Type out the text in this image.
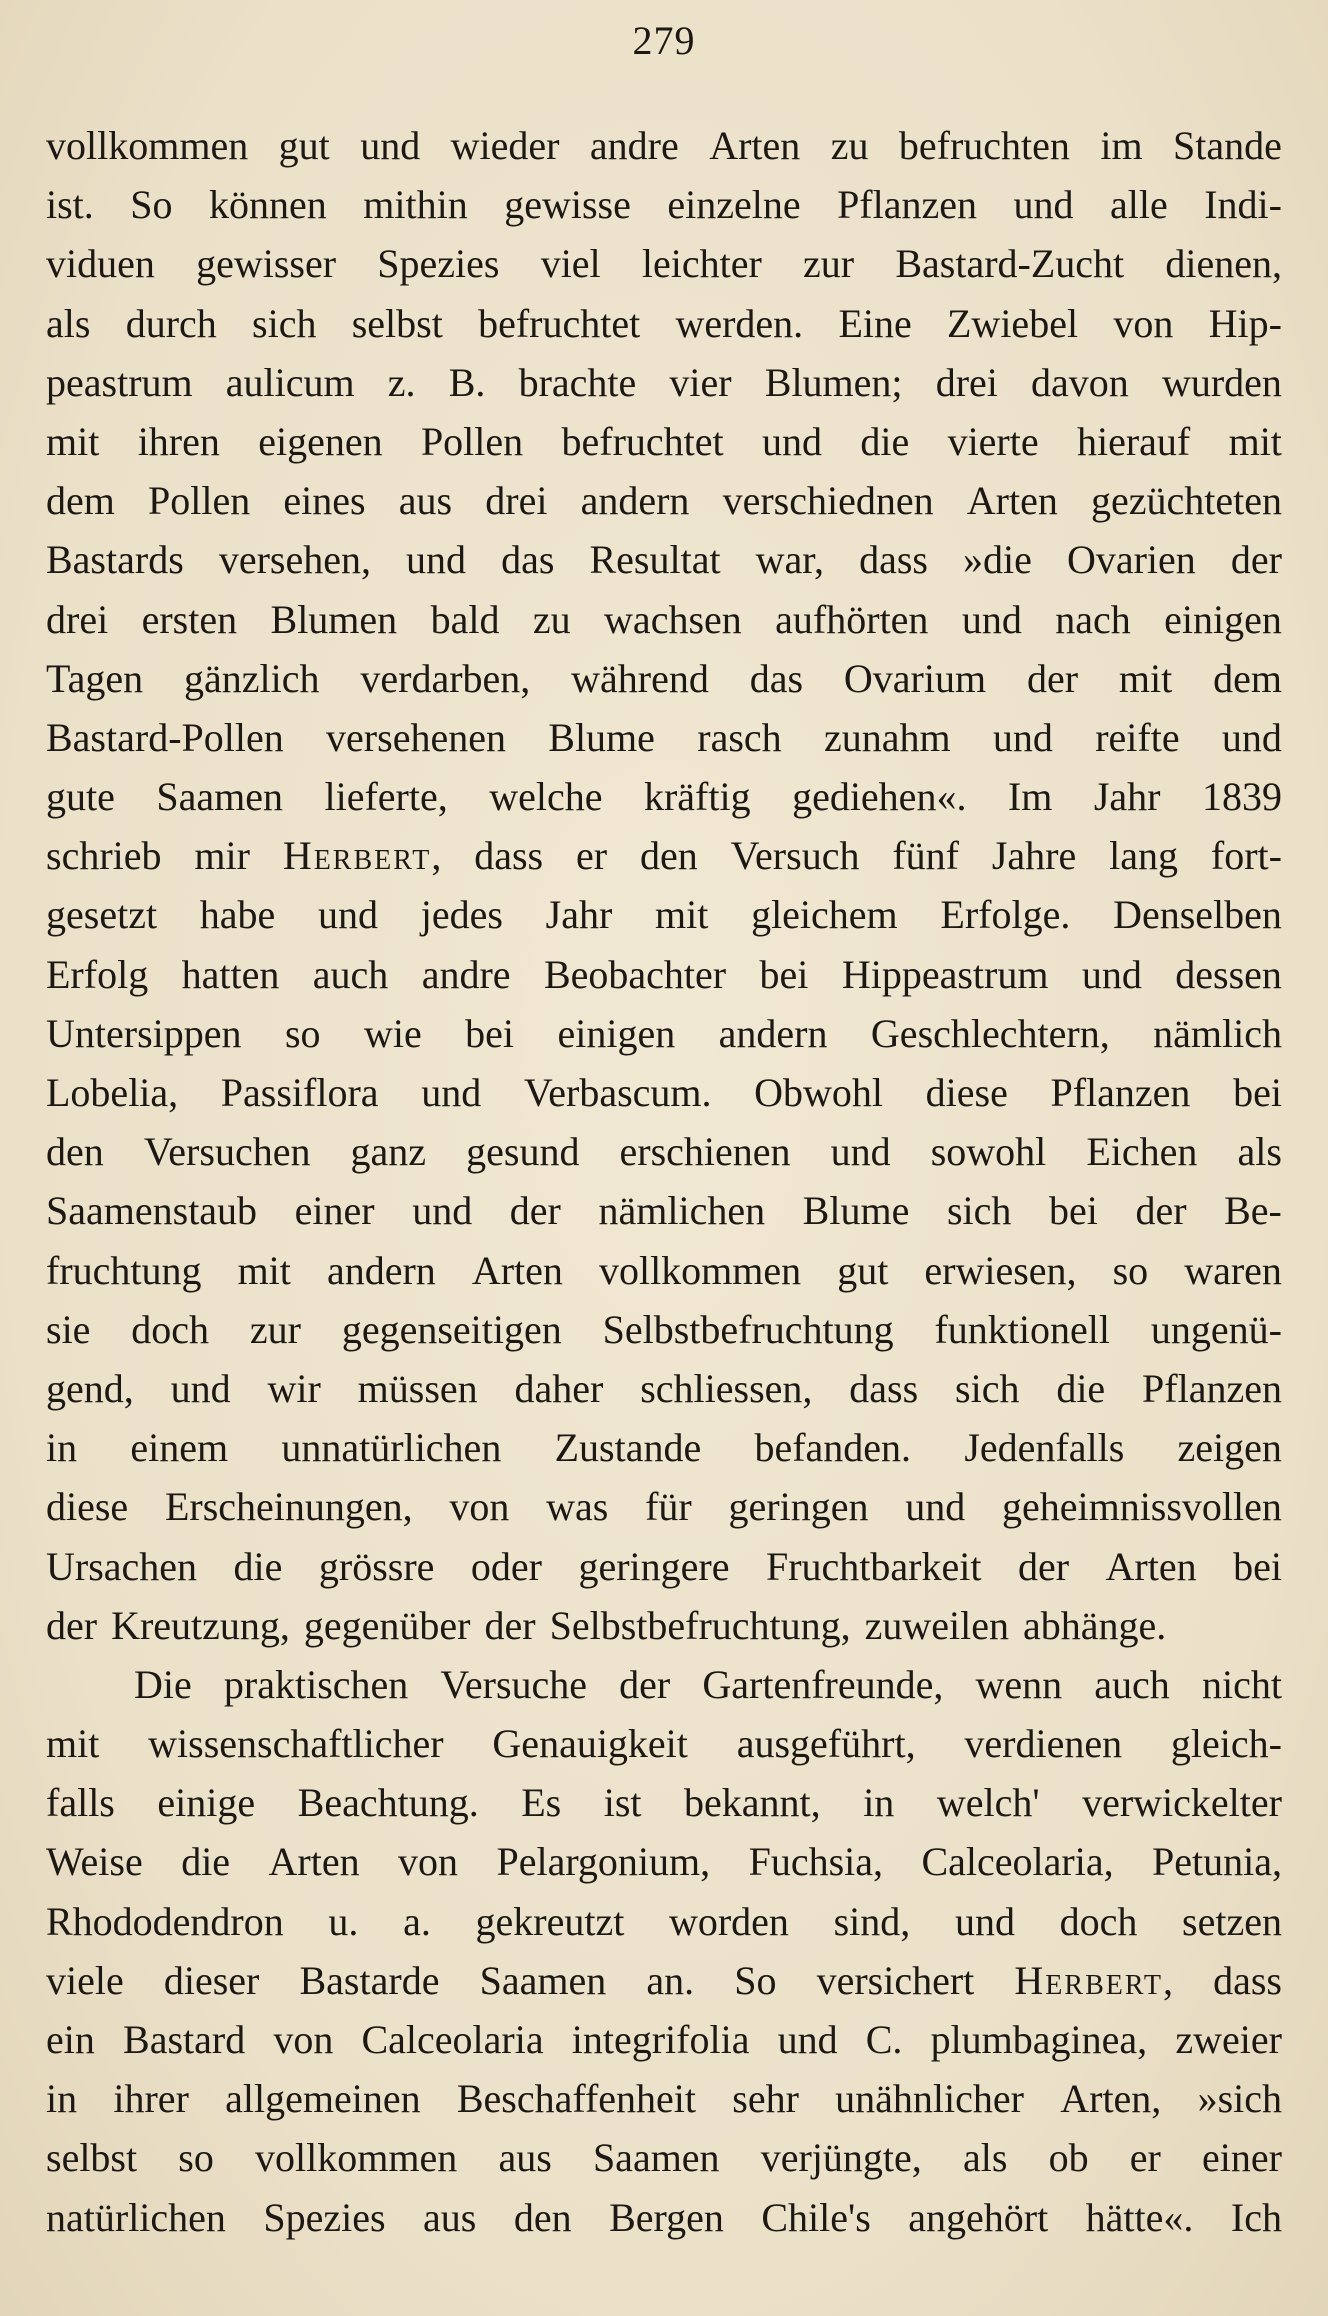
279
vollkommen gut und wieder andre Arten zu befruchten im Stande
ist. So können mithin gewisse einzelne Pflanzen und alle Indi-
viduen gewisser Spezies viel leichter zur Bastard-Zucht dienen,
als durch sich selbst befruchtet werden. Eine Zwiebel von Hip-
peastrum aulicum z. B. brachte vier Blumen; drei davon wurden
mit ihren eigenen Pollen befruchtet und die vierte hierauf mit
dem Pollen eines aus drei andern verschiednen Arten gezüchteten
Bastards versehen, und das Resultat war, dass »die Ovarien der
drei ersten Blumen bald zu wachsen aufhörten und nach einigen
Tagen gänzlich verdarben, während das Ovarium der mit dem
Bastard-Pollen versehenen Blume rasch zunahm und reifte und
gute Saamen lieferte, welche kräftig gediehen«. Im Jahr 1839
schrieb mir Herbert, dass er den Versuch fünf Jahre lang fort-
gesetzt habe und jedes Jahr mit gleichem Erfolge. Denselben
Erfolg hatten auch andre Beobachter bei Hippeastrum und dessen
Untersippen so wie bei einigen andern Geschlechtern, nämlich
Lobelia, Passiflora und Verbascum. Obwohl diese Pflanzen bei
den Versuchen ganz gesund erschienen und sowohl Eichen als
Saamenstaub einer und der nämlichen Blume sich bei der Be-
fruchtung mit andern Arten vollkommen gut erwiesen, so waren
sie doch zur gegenseitigen Selbstbefruchtung funktionell ungenü-
gend, und wir müssen daher schliessen, dass sich die Pflanzen
in einem unnatürlichen Zustande befanden. Jedenfalls zeigen
diese Erscheinungen, von was für geringen und geheimnissvollen
Ursachen die grössre oder geringere Fruchtbarkeit der Arten bei
der Kreutzung, gegenüber der Selbstbefruchtung, zuweilen abhänge.
Die praktischen Versuche der Gartenfreunde, wenn auch nicht
mit wissenschaftlicher Genauigkeit ausgeführt, verdienen gleich-
falls einige Beachtung. Es ist bekannt, in welch' verwickelter
Weise die Arten von Pelargonium, Fuchsia, Calceolaria, Petunia,
Rhododendron u. a. gekreutzt worden sind, und doch setzen
viele dieser Bastarde Saamen an. So versichert Herbert, dass
ein Bastard von Calceolaria integrifolia und C. plumbaginea, zweier
in ihrer allgemeinen Beschaffenheit sehr unähnlicher Arten, »sich
selbst so vollkommen aus Saamen verjüngte, als ob er einer
natürlichen Spezies aus den Bergen Chile's angehört hätte«. Ich
